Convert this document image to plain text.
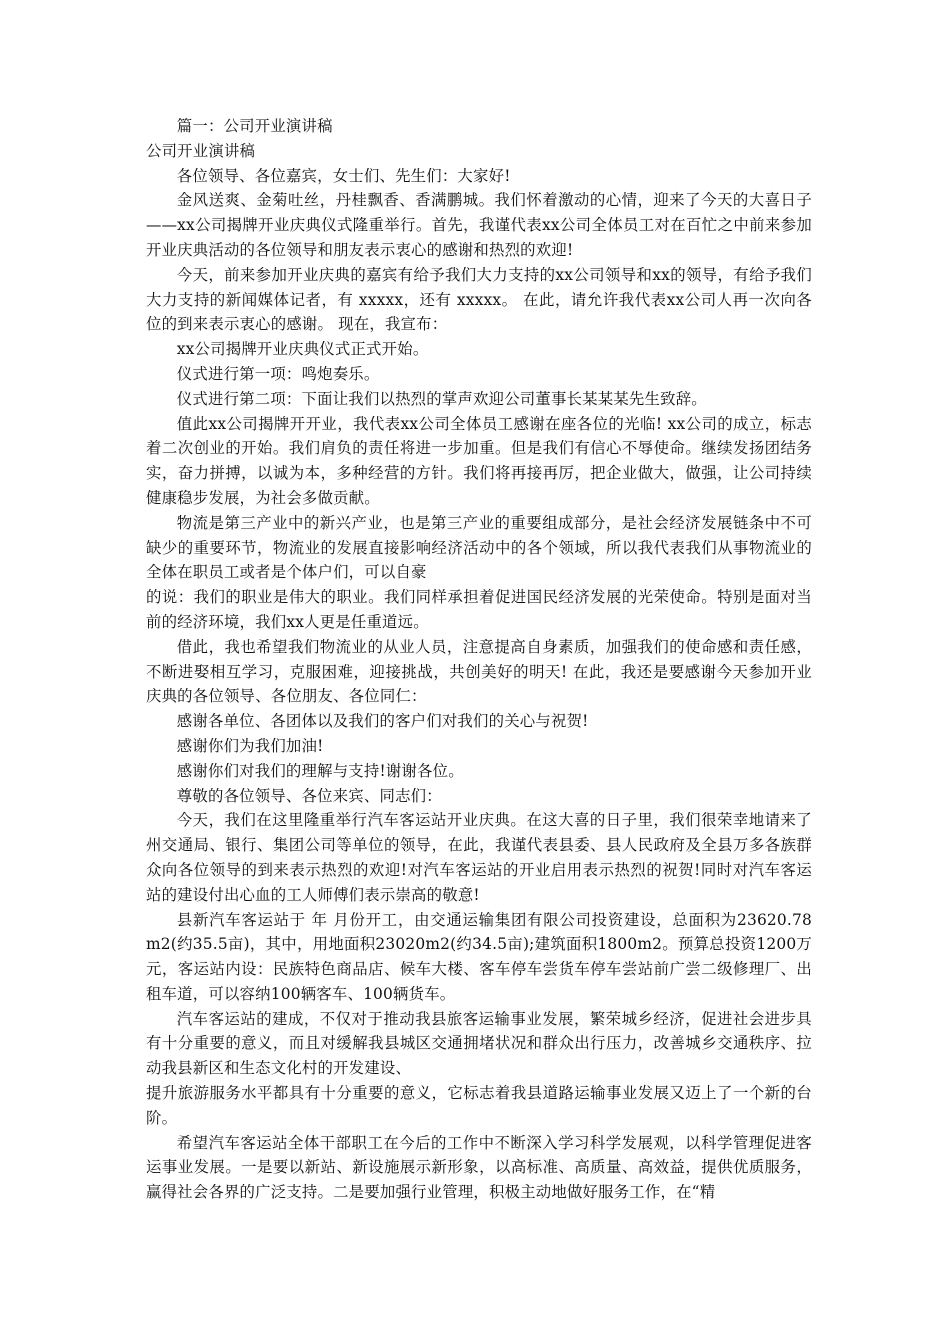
篇一：公司开业演讲稿

公司开业演讲稿

各位领导、各位嘉宾，女士们、先生们：大家好!

金风送爽、金菊吐丝，丹桂飘香、香满鹏城。我们怀着激动的心情，迎来了今天的大喜日子——xx公司揭牌开业庆典仪式隆重举行。首先，我谨代表xx公司全体员工对在百忙之中前来参加开业庆典活动的各位领导和朋友表示衷心的感谢和热烈的欢迎!

今天，前来参加开业庆典的嘉宾有给予我们大力支持的xx公司领导和xx的领导，有给予我们大力支持的新闻媒体记者，有 xxxxx，还有 xxxxx。 在此，请允许我代表xx公司人再一次向各位的到来表示衷心的感谢。 现在，我宣布：

xx公司揭牌开业庆典仪式正式开始。

仪式进行第一项：鸣炮奏乐。

仪式进行第二项：下面让我们以热烈的掌声欢迎公司董事长某某某先生致辞。

值此xx公司揭牌开开业，我代表xx公司全体员工感谢在座各位的光临! xx公司的成立，标志着二次创业的开始。我们肩负的责任将进一步加重。但是我们有信心不辱使命。继续发扬团结务实，奋力拼搏，以诚为本，多种经营的方针。我们将再接再厉，把企业做大，做强，让公司持续健康稳步发展，为社会多做贡献。

物流是第三产业中的新兴产业，也是第三产业的重要组成部分，是社会经济发展链条中不可缺少的重要环节，物流业的发展直接影响经济活动中的各个领域，所以我代表我们从事物流业的全体在职员工或者是个体户们，可以自豪

的说：我们的职业是伟大的职业。我们同样承担着促进国民经济发展的光荣使命。特别是面对当前的经济环境，我们xx人更是任重道远。

借此，我也希望我们物流业的从业人员，注意提高自身素质，加强我们的使命感和责任感，不断进娶相互学习，克服困难，迎接挑战，共创美好的明天! 在此，我还是要感谢今天参加开业庆典的各位领导、各位朋友、各位同仁：

感谢各单位、各团体以及我们的客户们对我们的关心与祝贺!

感谢你们为我们加油!

感谢你们对我们的理解与支持!谢谢各位。

尊敬的各位领导、各位来宾、同志们：

今天，我们在这里隆重举行汽车客运站开业庆典。在这大喜的日子里，我们很荣幸地请来了州交通局、银行、集团公司等单位的领导，在此，我谨代表县委、县人民政府及全县万多各族群众向各位领导的到来表示热烈的欢迎!对汽车客运站的开业启用表示热烈的祝贺!同时对汽车客运站的建设付出心血的工人师傅们表示崇高的敬意!

县新汽车客运站于 年 月份开工，由交通运输集团有限公司投资建设，总面积为23620.78 m2(约35.5亩)，其中，用地面积23020m2(约34.5亩);建筑面积1800m2。预算总投资1200万元，客运站内设：民族特色商品店、候车大楼、客车停车尝货车停车尝站前广尝二级修理厂、出租车道，可以容纳100辆客车、100辆货车。

汽车客运站的建成，不仅对于推动我县旅客运输事业发展，繁荣城乡经济，促进社会进步具有十分重要的意义，而且对缓解我县城区交通拥堵状况和群众出行压力，改善城乡交通秩序、拉动我县新区和生态文化村的开发建设、

提升旅游服务水平都具有十分重要的意义，它标志着我县道路运输事业发展又迈上了一个新的台阶。

希望汽车客运站全体干部职工在今后的工作中不断深入学习科学发展观，以科学管理促进客运事业发展。一是要以新站、新设施展示新形象，以高标准、高质量、高效益，提供优质服务，赢得社会各界的广泛支持。二是要加强行业管理，积极主动地做好服务工作，在“精
